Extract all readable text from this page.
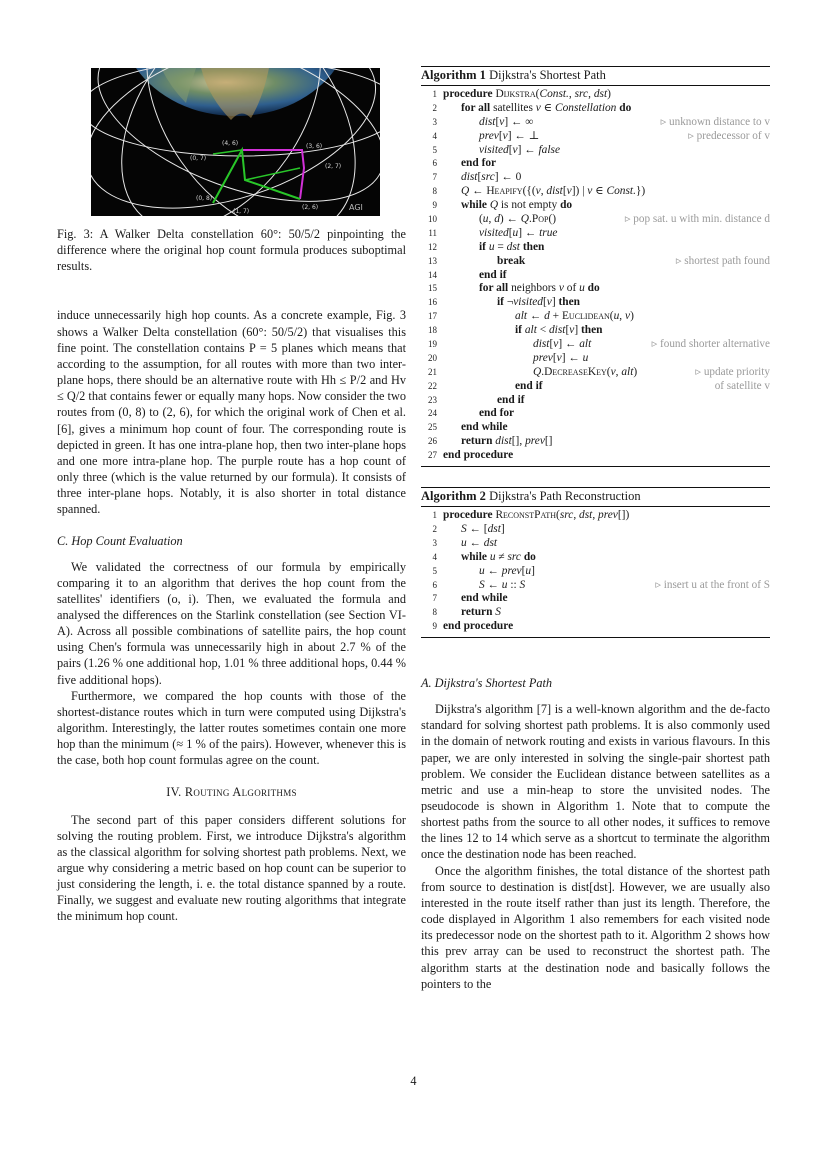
(0, 7)
(4, 6)	(3, 6)
(2, 7)
(0, 8)
(1, 7)
(2, 6)	AGI
Fig. 3: A Walker Delta constellation 60°: 50/5/2 pinpointing the difference where the original hop count formula produces suboptimal results.

induce unnecessarily high hop counts. As a concrete example, Fig. 3 shows a Walker Delta constellation (60°: 50/5/2) that visualises this fine point. The constellation contains P = 5 planes which means that according to the assumption, for all routes with more than two inter-plane hops, there should be an alternative route with Hh ≤ P/2 and Hv ≤ Q/2 that contains fewer or equally many hops. Now consider the two routes from (0, 8) to (2, 6), for which the original work of Chen et al. [6], gives a minimum hop count of four. The corresponding route is depicted in green. It has one intra-plane hop, then two inter-plane hops and one more intra-plane hop. The purple route has a hop count of only three (which is the value returned by our formula). It consists of three inter-plane hops. Notably, it is also shorter in total distance spanned.

C. Hop Count Evaluation

We validated the correctness of our formula by empirically comparing it to an algorithm that derives the hop count from the satellites' identifiers (o, i). Then, we evaluated the formula and analysed the differences on the Starlink constellation (see Section VI-A). Across all possible combinations of satellite pairs, the hop count using Chen's formula was unnecessarily high in about 2.7 % of the pairs (1.26 % one additional hop, 1.01 % three additional hops, 0.44 % five additional hops).

Furthermore, we compared the hop counts with those of the shortest-distance routes which in turn were computed using Dijkstra's algorithm. Interestingly, the latter routes sometimes contain one more hop than the minimum (≈ 1 % of the pairs). However, whenever this is the case, both hop count formulas agree on the count.

IV. Routing Algorithms

The second part of this paper considers different solutions for solving the routing problem. First, we introduce Dijkstra's algorithm as the classical algorithm for solving shortest path problems. Next, we argue why considering a metric based on hop count can be superior to just considering the length, i. e. the total distance spanned by a route. Finally, we suggest and evaluate new routing algorithms that integrate the minimum hop count.

Algorithm 1 Dijkstra's Shortest Path
1 procedure Dijkstra(Const., src, dst)
2 for all satellites v ∈ Constellation do
3	dist[v] ← ∞	▹ unknown distance to v
4	prev[v] ← ⊥	▹ predecessor of v
5	visited[v] ← false
6 end for
7 dist[src] ← 0
8 Q ← Heapify({(v, dist[v]) | v ∈ Const.})
9 while Q is not empty do
10	(u, d) ← Q.Pop()	▹ pop sat. u with min. distance d
11	visited[u] ← true
12	if u = dst then
13	break	▹ shortest path found
14	end if
15	for all neighbors v of u do
16	if ¬visited[v] then
17	alt ← d + Euclidean(u, v)
18	if alt < dist[v] then
19	dist[v] ← alt	▹ found shorter alternative
20	prev[v] ← u
21	Q.DecreaseKey(v, alt)	▹ update priority
22	end if	of satellite v
23	end if
24	end for
25 end while
26 return dist[], prev[]
27 end procedure
Algorithm 2 Dijkstra's Path Reconstruction
1 procedure ReconstPath(src, dst, prev[])
2 S ← [dst]
3 u ← dst
4 while u ≠ src do
5	u ← prev[u]
6	S ← u :: S	▹ insert u at the front of S
7 end while
8 return S
9 end procedure
A. Dijkstra's Shortest Path

Dijkstra's algorithm [7] is a well-known algorithm and the de-facto standard for solving shortest path problems. It is also commonly used in the domain of network routing and exists in various flavours. In this paper, we are only interested in solving the single-pair shortest path problem. We consider the Euclidean distance between satellites as a metric and use a min-heap to store the unvisited nodes. The pseudocode is shown in Algorithm 1. Note that to compute the shortest paths from the source to all other nodes, it suffices to remove the lines 12 to 14 which serve as a shortcut to terminate the algorithm once the destination node has been reached.

Once the algorithm finishes, the total distance of the shortest path from source to destination is dist[dst]. However, we are usually also interested in the route itself rather than just its length. Therefore, the code displayed in Algorithm 1 also remembers for each visited node its predecessor node on the shortest path to it. Algorithm 2 shows how this prev array can be used to reconstruct the shortest path. The algorithm starts at the destination node and basically follows the pointers to the

4
